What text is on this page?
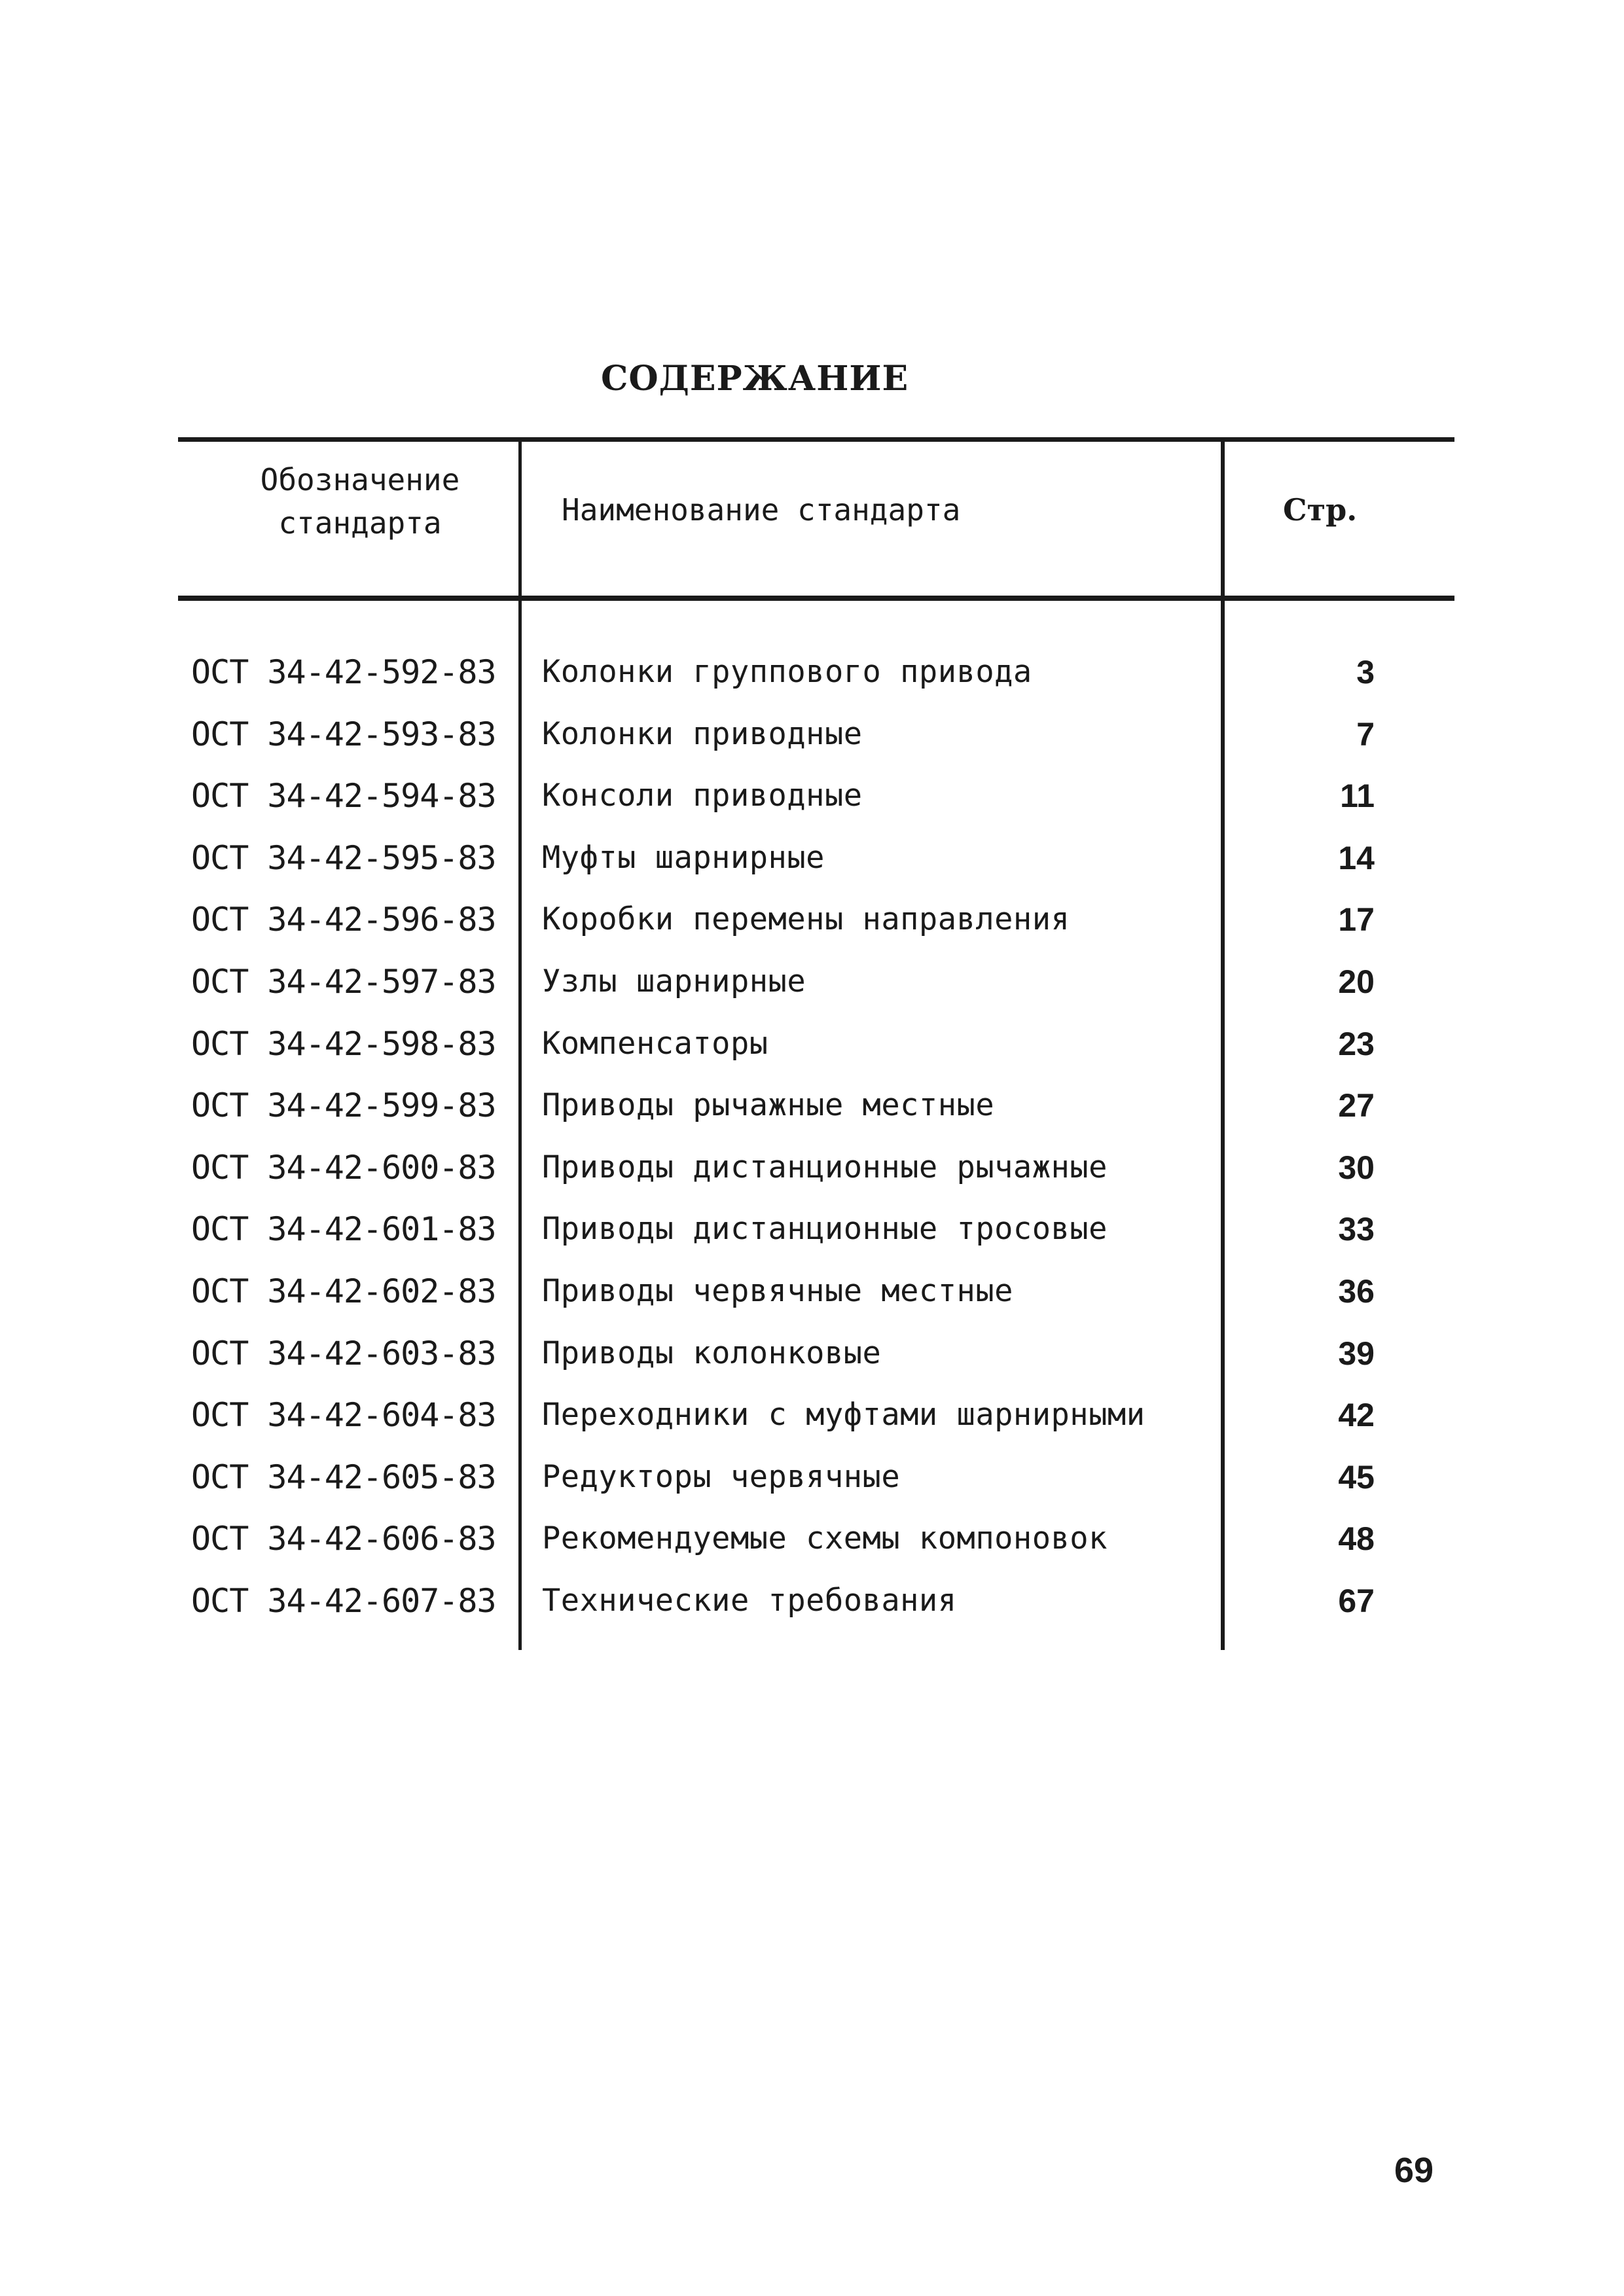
СОДЕРЖАНИЕ
Обозначение
стандарта	Наименование стандарта	Стр.
ОСТ 34-42-592-83 Колонки группового привода	3
ОСТ 34-42-593-83 Колонки приводные	7
ОСТ 34-42-594-83 Консоли приводные	11
ОСТ 34-42-595-83 Муфты шарнирные	14
ОСТ 34-42-596-83 Коробки перемены направления	17
ОСТ 34-42-597-83 Узлы шарнирные	20
ОСТ 34-42-598-83 Компенсаторы	23
ОСТ 34-42-599-83 Приводы рычажные местные	27
ОСТ 34-42-600-83 Приводы дистанционные рычажные	30
ОСТ 34-42-601-83 Приводы дистанционные тросовые	33
ОСТ 34-42-602-83 Приводы червячные местные	36
ОСТ 34-42-603-83 Приводы колонковые	39
ОСТ 34-42-604-83 Переходники с муфтами шарнирными	42
ОСТ 34-42-605-83 Редукторы червячные	45
ОСТ 34-42-606-83 Рекомендуемые схемы компоновок	48
ОСТ 34-42-607-83 Технические требования	67
69
